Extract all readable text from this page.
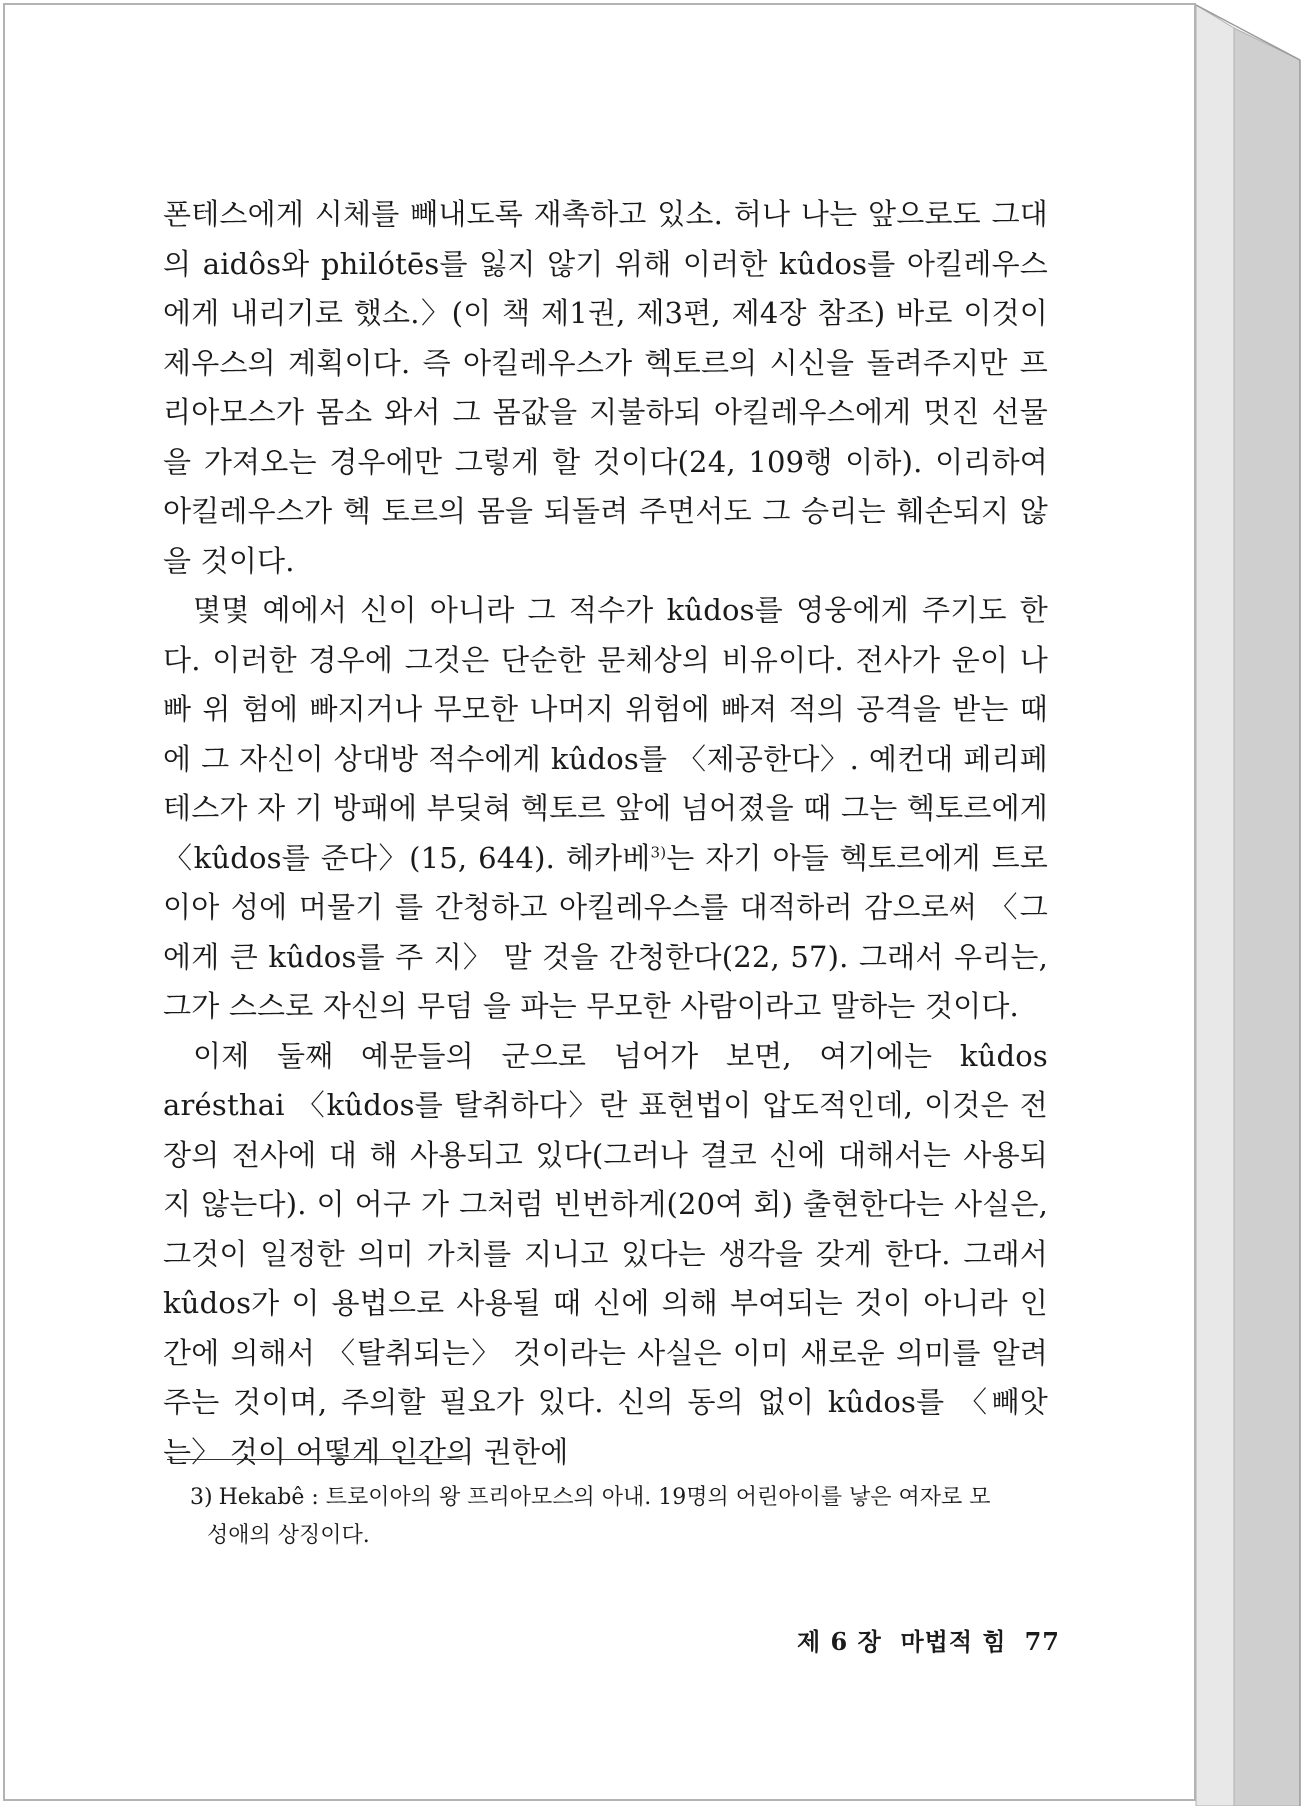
폰테스에게 시체를 빼내도록 재촉하고 있소. 허나 나는 앞으로도 그대 의 aidôs와 philótēs를 잃지 않기 위해 이러한 kûdos를 아킬레우스에게 내리기로 했소.〉(이 책 제1권, 제3편, 제4장 참조) 바로 이것이 제우스의 계획이다. 즉 아킬레우스가 헥토르의 시신을 돌려주지만 프리아모스가 몸소 와서 그 몸값을 지불하되 아킬레우스에게 멋진 선물을 가져오는 경우에만 그렇게 할 것이다(24, 109행 이하). 이리하여 아킬레우스가 헥 토르의 몸을 되돌려 주면서도 그 승리는 훼손되지 않을 것이다.

몇몇 예에서 신이 아니라 그 적수가 kûdos를 영웅에게 주기도 한다. 이러한 경우에 그것은 단순한 문체상의 비유이다. 전사가 운이 나빠 위 험에 빠지거나 무모한 나머지 위험에 빠져 적의 공격을 받는 때에 그 자신이 상대방 적수에게 kûdos를 〈제공한다〉. 예컨대 페리페테스가 자 기 방패에 부딪혀 헥토르 앞에 넘어졌을 때 그는 헥토르에게 〈kûdos를 준다〉(15, 644). 헤카베$^{3)}$는 자기 아들 헥토르에게 트로이아 성에 머물기 를 간청하고 아킬레우스를 대적하러 감으로써 〈그에게 큰 kûdos를 주 지〉 말 것을 간청한다(22, 57). 그래서 우리는, 그가 스스로 자신의 무덤 을 파는 무모한 사람이라고 말하는 것이다.

이제 둘째 예문들의 군으로 넘어가 보면, 여기에는 kûdos arésthai 〈kûdos를 탈취하다〉란 표현법이 압도적인데, 이것은 전장의 전사에 대 해 사용되고 있다(그러나 결코 신에 대해서는 사용되지 않는다). 이 어구 가 그처럼 빈번하게(20여 회) 출현한다는 사실은, 그것이 일정한 의미 가치를 지니고 있다는 생각을 갖게 한다. 그래서 kûdos가 이 용법으로 사용될 때 신에 의해 부여되는 것이 아니라 인간에 의해서 〈탈취되는〉 것이라는 사실은 이미 새로운 의미를 알려 주는 것이며, 주의할 필요가 있다. 신의 동의 없이 kûdos를 〈빼앗는〉 것이 어떻게 인간의 권한에

3) Hekabê : 트로이아의 왕 프리아모스의 아내. 19명의 어린아이를 낳은 여자로 모
성애의 상징이다.
제 6 장  마법적 힘 77
